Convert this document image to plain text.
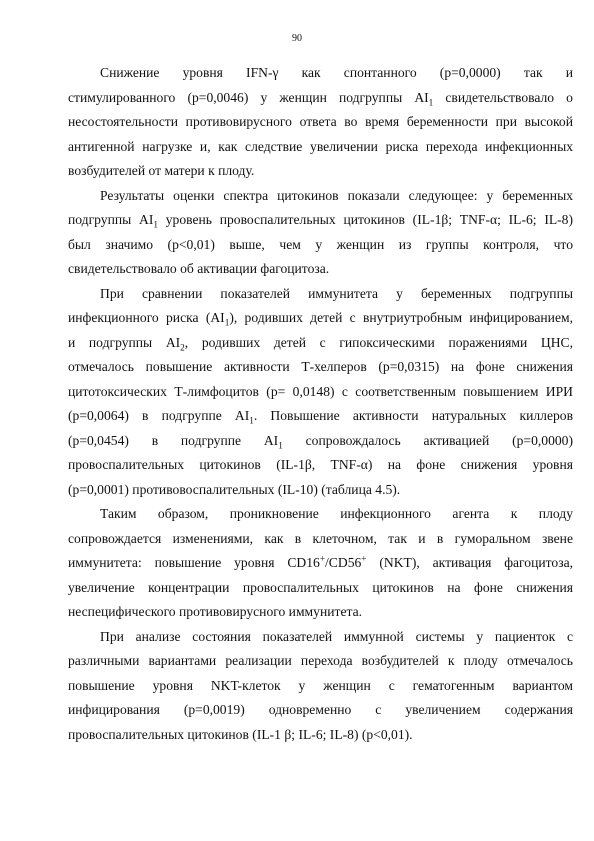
90
Снижение уровня IFN-γ как спонтанного (р=0,0000) так и
стимулированного (р=0,0046) у женщин подгруппы $AI_1$ свидетельствовало о
несостоятельности противовирусного ответа во время беременности при высокой
антигенной нагрузке и, как следствие увеличении риска перехода инфекционных
возбудителей от матери к плоду.
Результаты оценки спектра цитокинов показали следующее: у беременных
подгруппы $AI_1$ уровень провоспалительных цитокинов (IL-1β; TNF-α; IL-6; IL-8)
был значимо (р<0,01) выше, чем у женщин из группы контроля, что
свидетельствовало об активации фагоцитоза.
При сравнении показателей иммунитета у беременных подгруппы
инфекционного риска $(AI_1)$, родивших детей с внутриутробным инфицированием,
и подгруппы $AI_2$, родивших детей с гипоксическими поражениями ЦНС,
отмечалось повышение активности Т-хелперов (р=0,0315) на фоне снижения
цитотоксических Т-лимфоцитов (р= 0,0148) с соответственным повышением ИРИ
(р=0,0064) в подгруппе $AI_1$. Повышение активности натуральных киллеров
(р=0,0454) в подгруппе $AI_1$ сопровождалось активацией (р=0,0000)
провоспалительных цитокинов (IL-1β, TNF-α) на фоне снижения уровня
(р=0,0001) противовоспалительных (IL-10) (таблица 4.5).
Таким образом, проникновение инфекционного агента к плоду
сопровождается изменениями, как в клеточном, так и в гуморальном звене
иммунитета: повышение уровня CD16+/CD56+ (NKT), активация фагоцитоза,
увеличение концентрации провоспалительных цитокинов на фоне снижения
неспецифического противовирусного иммунитета.
При анализе состояния показателей иммунной системы у пациенток с
различными вариантами реализации перехода возбудителей к плоду отмечалось
повышение уровня NKT-клеток у женщин с гематогенным вариантом
инфицирования (р=0,0019) одновременно с увеличением содержания
провоспалительных цитокинов (IL-1 β; IL-6; IL-8) (р<0,01).
